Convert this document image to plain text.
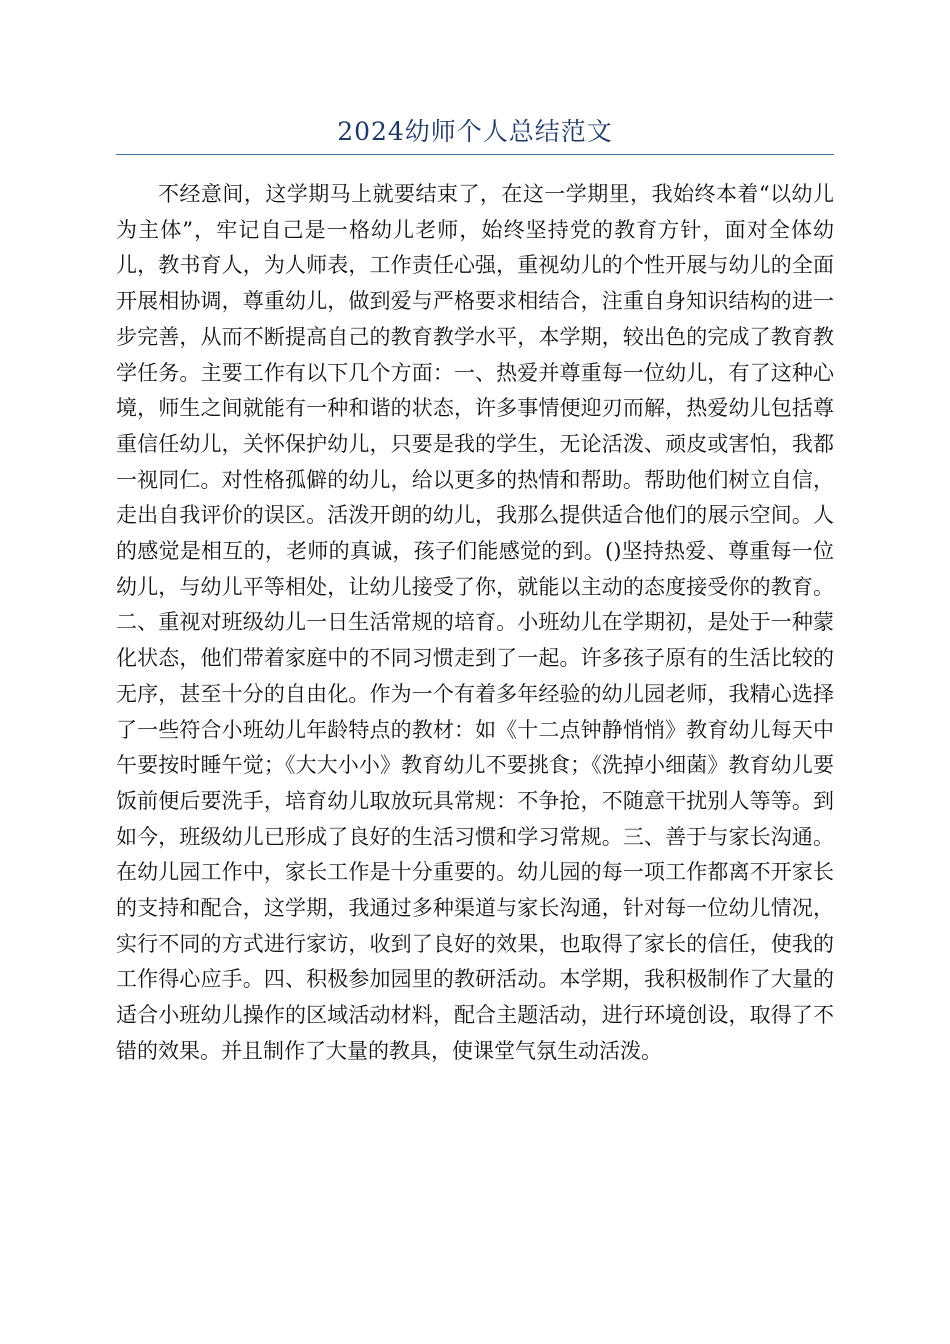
2024幼师个人总结范文

不经意间，这学期马上就要结束了，在这一学期里，我始终本着“以幼儿为主体”，牢记自己是一格幼儿老师，始终坚持党的教育方针，面对全体幼儿，教书育人，为人师表，工作责任心强，重视幼儿的个性开展与幼儿的全面开展相协调，尊重幼儿，做到爱与严格要求相结合，注重自身知识结构的进一步完善，从而不断提高自己的教育教学水平，本学期，较出色的完成了教育教学任务。主要工作有以下几个方面：一、热爱并尊重每一位幼儿，有了这种心境，师生之间就能有一种和谐的状态，许多事情便迎刃而解，热爱幼儿包括尊重信任幼儿，关怀保护幼儿，只要是我的学生，无论活泼、顽皮或害怕，我都一视同仁。对性格孤僻的幼儿，给以更多的热情和帮助。帮助他们树立自信，走出自我评价的误区。活泼开朗的幼儿，我那么提供适合他们的展示空间。人的感觉是相互的，老师的真诚，孩子们能感觉的到。()坚持热爱、尊重每一位幼儿，与幼儿平等相处，让幼儿接受了你，就能以主动的态度接受你的教育。二、重视对班级幼儿一日生活常规的培育。小班幼儿在学期初，是处于一种蒙化状态，他们带着家庭中的不同习惯走到了一起。许多孩子原有的生活比较的无序，甚至十分的自由化。作为一个有着多年经验的幼儿园老师，我精心选择了一些符合小班幼儿年龄特点的教材：如《十二点钟静悄悄》教育幼儿每天中午要按时睡午觉；《大大小小》教育幼儿不要挑食；《洗掉小细菌》教育幼儿要饭前便后要洗手，培育幼儿取放玩具常规：不争抢，不随意干扰别人等等。到如今，班级幼儿已形成了良好的生活习惯和学习常规。三、善于与家长沟通。在幼儿园工作中，家长工作是十分重要的。幼儿园的每一项工作都离不开家长的支持和配合，这学期，我通过多种渠道与家长沟通，针对每一位幼儿情况，实行不同的方式进行家访，收到了良好的效果，也取得了家长的信任，使我的工作得心应手。四、积极参加园里的教研活动。本学期，我积极制作了大量的适合小班幼儿操作的区域活动材料，配合主题活动，进行环境创设，取得了不错的效果。并且制作了大量的教具，使课堂气氛生动活泼。
